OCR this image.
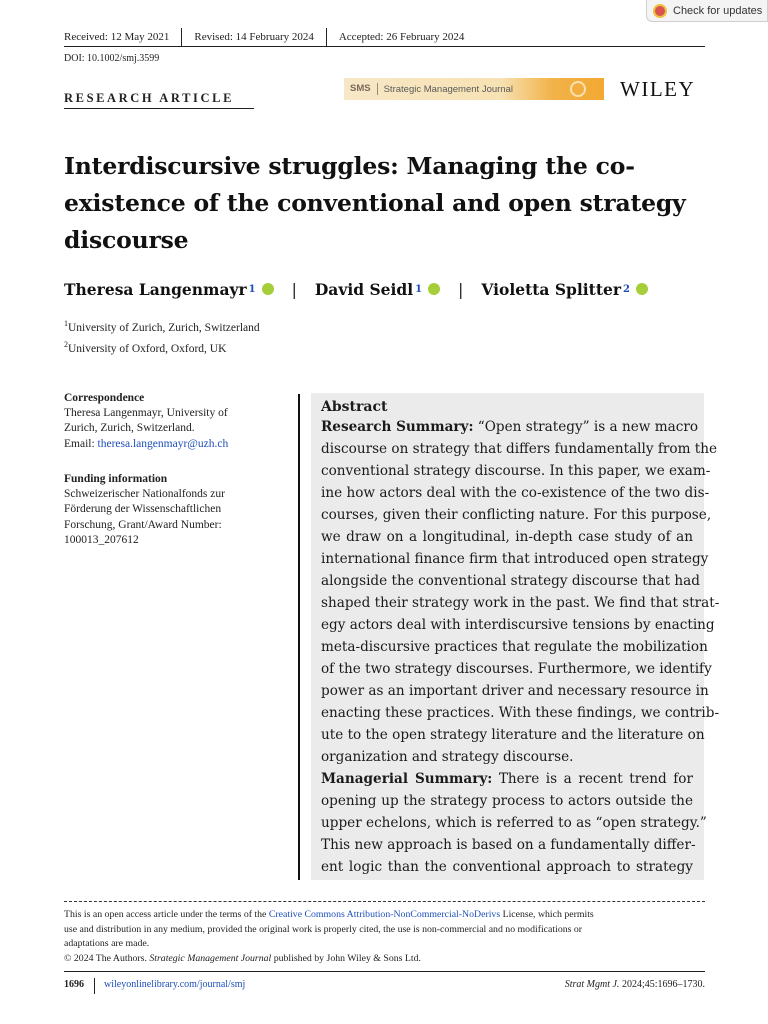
Check for updates
Received: 12 May 2021	Revised: 14 February 2024	Accepted: 26 February 2024
DOI: 10.1002/smj.3599
RESEARCH ARTICLE
SMS	Strategic Management Journal	WILEY
Interdiscursive struggles: Managing the co-
existence of the conventional and open strategy
discourse
Theresa Langenmayr 1 | David Seidl 1 | Violetta Splitter 2
$^1$University of Zurich, Zurich, Switzerland
$^2$University of Oxford, Oxford, UK
Correspondence
Theresa Langenmayr, University of
Zurich, Zurich, Switzerland.
Email: theresa.langenmayr@uzh.ch
Funding information
Schweizerischer Nationalfonds zur
Förderung der Wissenschaftlichen
Forschung, Grant/Award Number:
100013_207612
Abstract
Research Summary: “Open strategy” is a new macro
discourse on strategy that differs fundamentally from the
conventional strategy discourse. In this paper, we exam-
ine how actors deal with the co-existence of the two dis-
courses, given their conflicting nature. For this purpose,
we draw on a longitudinal, in-depth case study of an
international finance firm that introduced open strategy
alongside the conventional strategy discourse that had
shaped their strategy work in the past. We find that strat-
egy actors deal with interdiscursive tensions by enacting
meta-discursive practices that regulate the mobilization
of the two strategy discourses. Furthermore, we identify
power as an important driver and necessary resource in
enacting these practices. With these findings, we contrib-
ute to the open strategy literature and the literature on
organization and strategy discourse.
Managerial Summary: There is a recent trend for
opening up the strategy process to actors outside the
upper echelons, which is referred to as “open strategy.”
This new approach is based on a fundamentally differ-
ent logic than the conventional approach to strategy
This is an open access article under the terms of the Creative Commons Attribution-NonCommercial-NoDerivs License, which permits
use and distribution in any medium, provided the original work is properly cited, the use is non-commercial and no modifications or
adaptations are made.
© 2024 The Authors. Strategic Management Journal published by John Wiley & Sons Ltd.
1696 wileyonlinelibrary.com/journal/smj	Strat Mgmt J. 2024;45:1696–1730.
